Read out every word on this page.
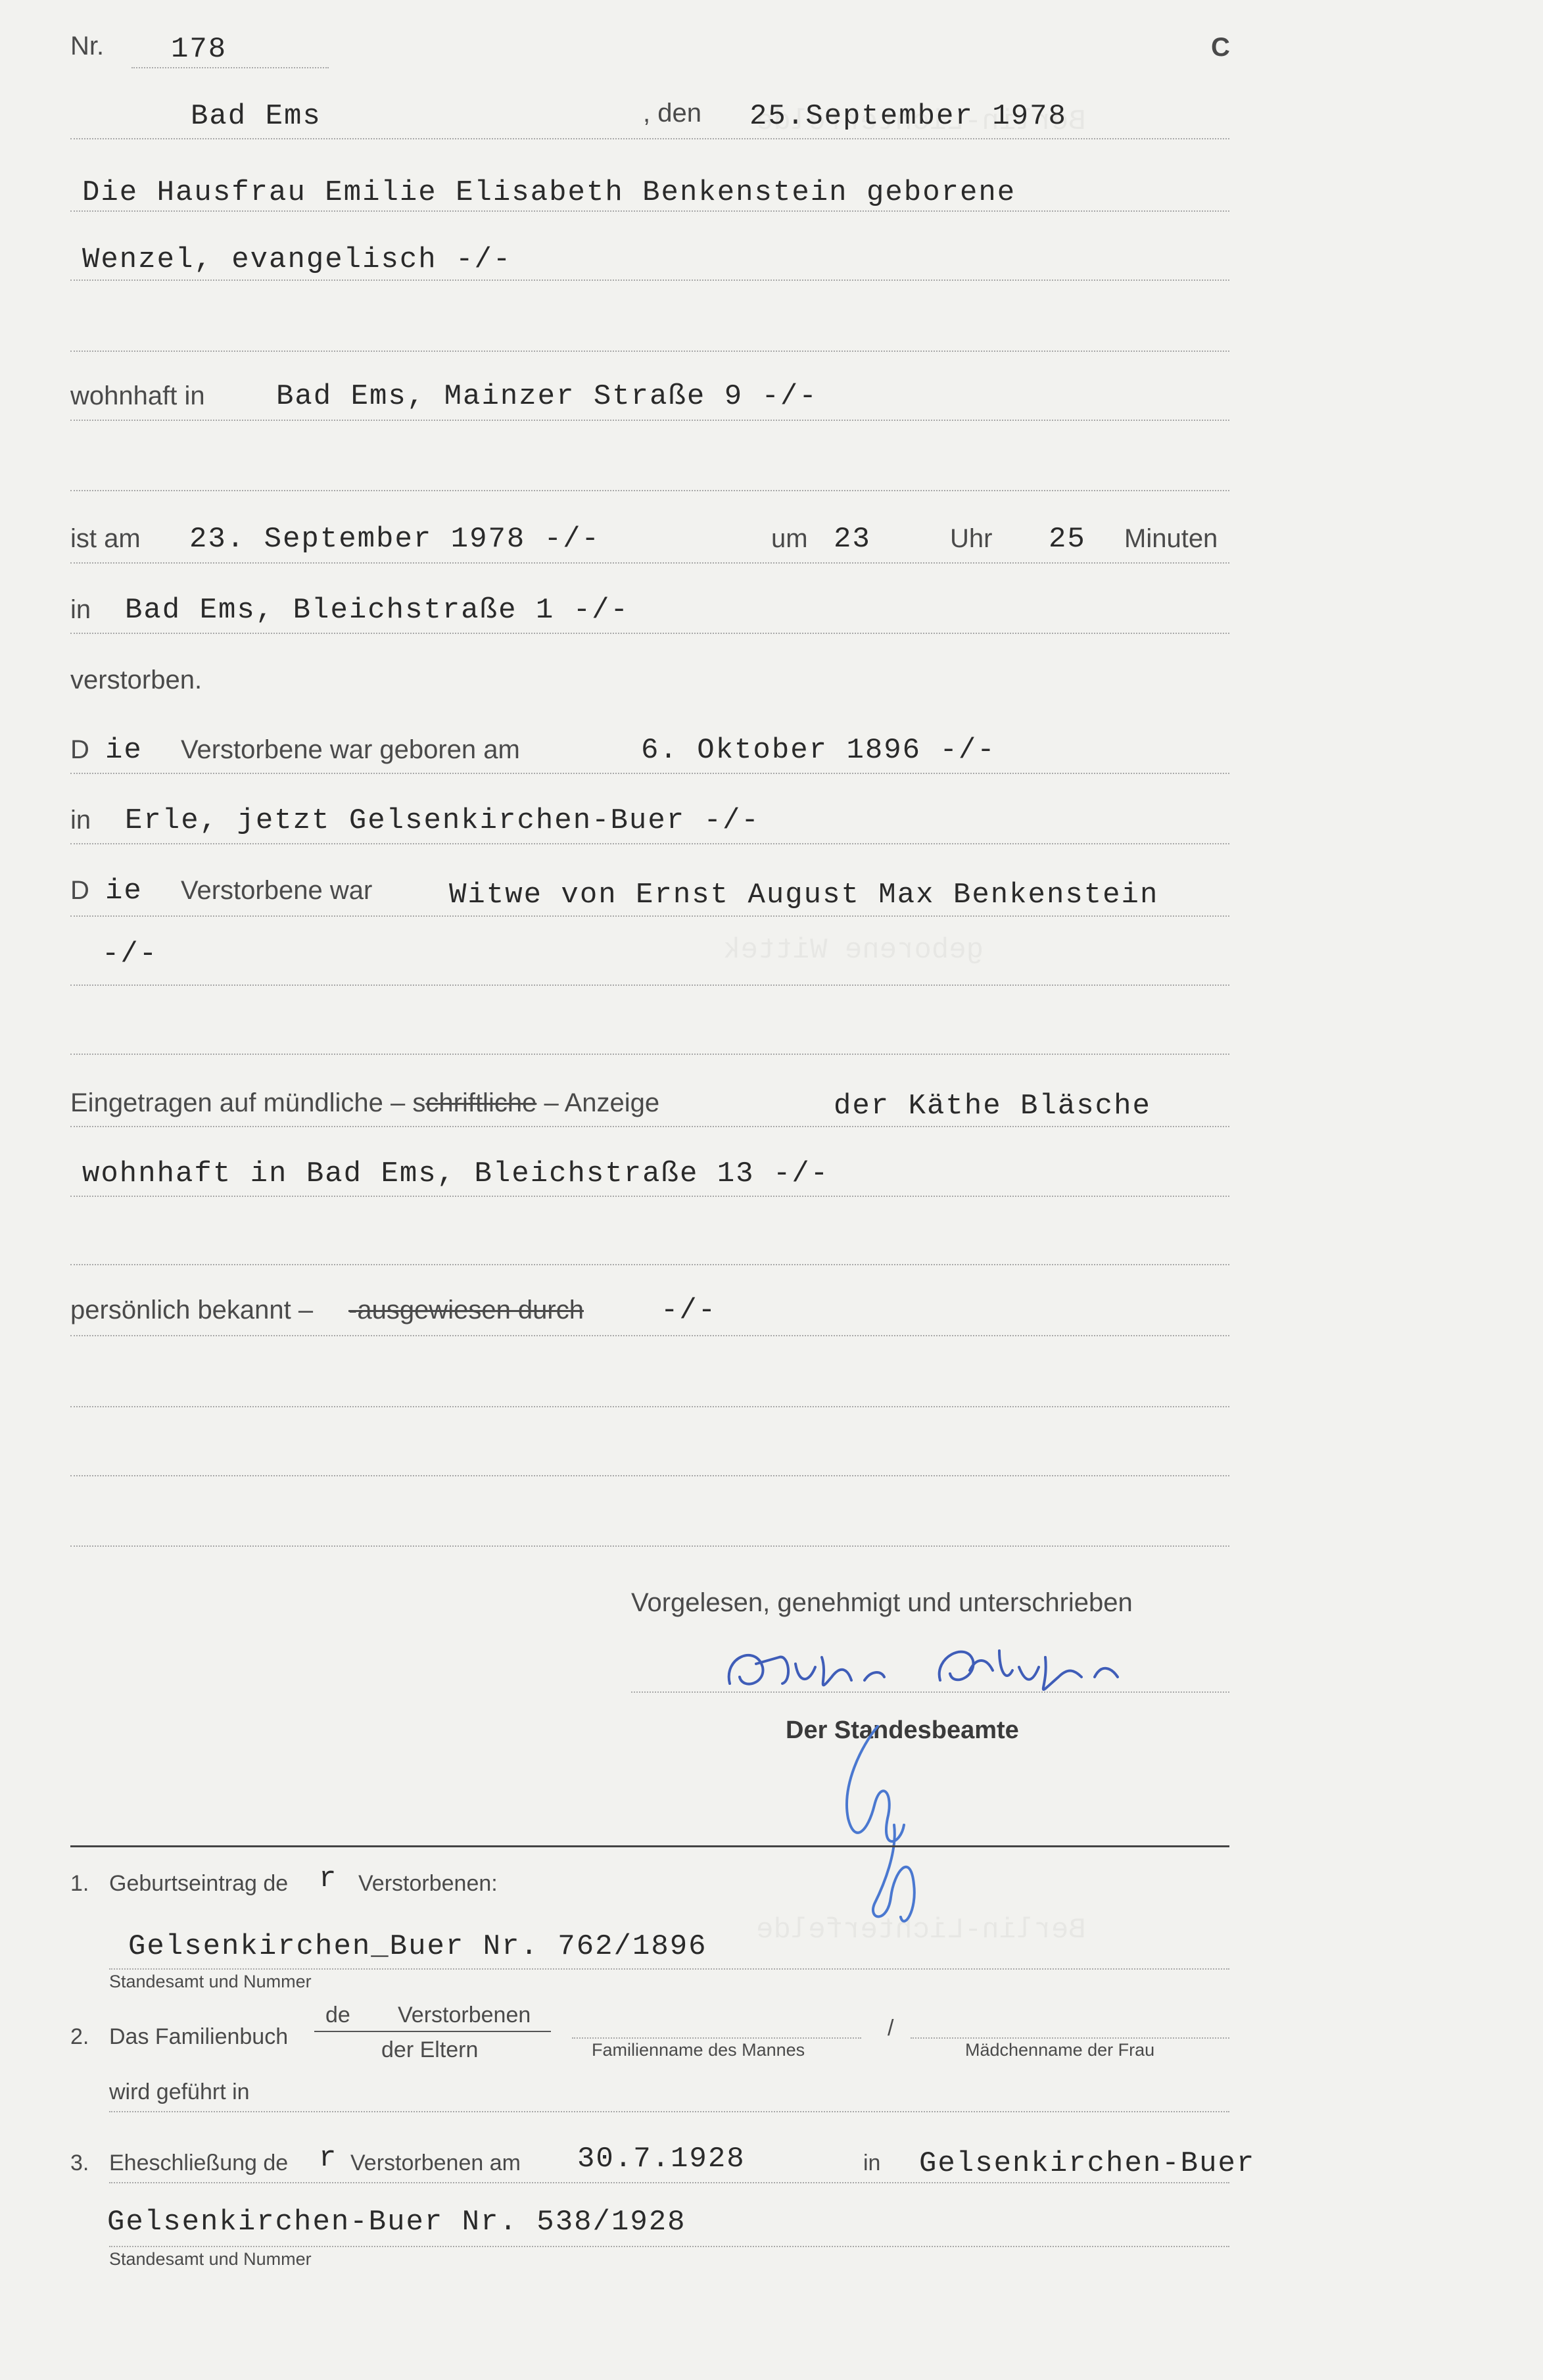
Nr. 178	C
Bad Ems	, den 25.September 1978
Die Hausfrau Emilie Elisabeth Benkenstein geborene
Wenzel, evangelisch -/-
wohnhaft in Bad Ems, Mainzer Straße 9 -/-
ist am 23. September 1978 -/-	um 23	Uhr 25 Minuten
in Bad Ems, Bleichstraße 1 -/-
verstorben.
D ie Verstorbene war geboren am	6. Oktober 1896 -/-
in Erle, jetzt Gelsenkirchen-Buer -/-
D ie Verstorbene war	Witwe von Ernst August Max Benkenstein
-/-
Eingetragen auf mündliche – schriftliche – Anzeige	der Käthe Bläsche
wohnhaft in Bad Ems, Bleichstraße 13 -/-
persönlich bekannt – -ausgewiesen durch	-/-
Vorgelesen, genehmigt und unterschrieben
Bläsche
Der Standesbeamte
1. Geburtseintrag de r Verstorbenen:
Gelsenkirchen_Buer Nr. 762/1896
Standesamt und Nummer
2. Das Familienbuch
de Verstorbenen
der Eltern
/
Familienname des Mannes	Mädchenname der Frau
wird geführt in
3. Eheschließung de r Verstorbenen am 30.7.1928	in Gelsenkirchen-Buer
Gelsenkirchen-Buer Nr. 538/1928
Standesamt und Nummer
